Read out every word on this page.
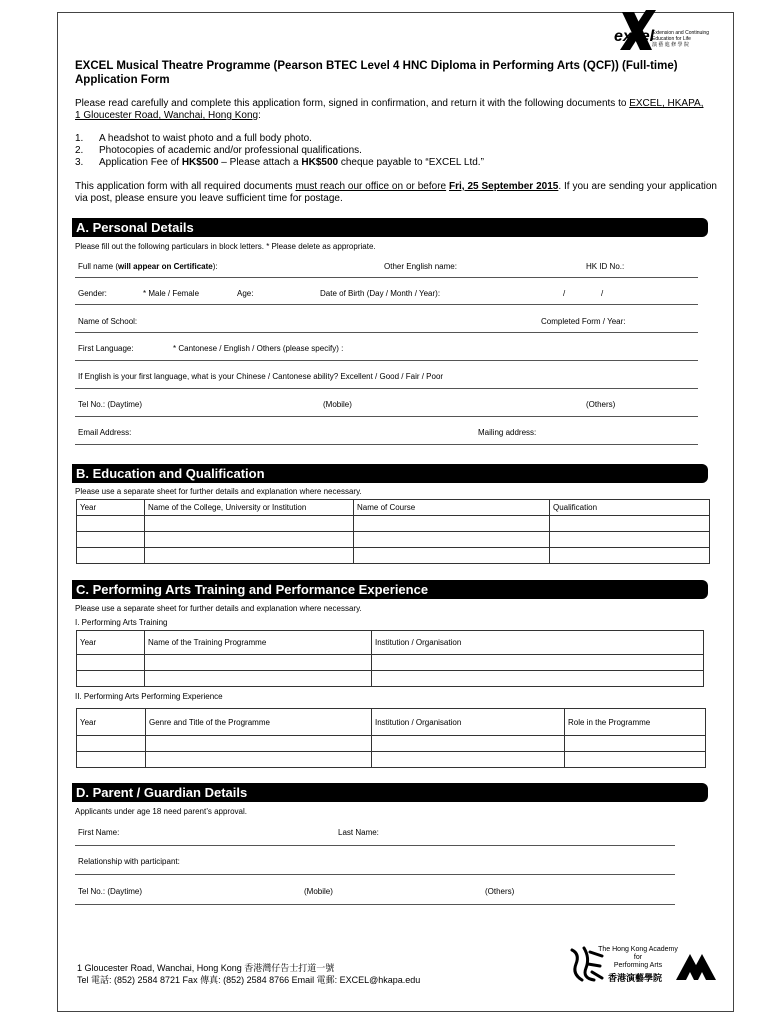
excel
Extension and Continuing
Education for Life
演 藝 進 修 學 院
EXCEL Musical Theatre Programme (Pearson BTEC Level 4 HNC Diploma in Performing Arts (QCF)) (Full-time)
Application Form
Please read carefully and complete this application form, signed in confirmation, and return it with the following documents to EXCEL, HKAPA,
1 Gloucester Road, Wanchai, Hong Kong:
1. A headshot to waist photo and a full body photo.
2. Photocopies of academic and/or professional qualifications.
3. Application Fee of HK$500 – Please attach a HK$500 cheque payable to “EXCEL Ltd.”
This application form with all required documents must reach our office on or before Fri, 25 September 2015. If you are sending your application via post, please ensure you leave sufficient time for postage.
A. Personal Details
Please fill out the following particulars in block letters. * Please delete as appropriate.
Full name (will appear on Certificate):	Other English name:	HK ID No.:
Gender:	* Male / Female	Age:	Date of Birth (Day / Month / Year):	/	/
Name of School:	Completed Form / Year:
First Language:	* Cantonese / English / Others (please specify) :
If English is your first language, what is your Chinese / Cantonese ability? Excellent / Good / Fair / Poor
Tel No.: (Daytime)	(Mobile)	(Others)
Email Address:	Mailing address:
B. Education and Qualification
Please use a separate sheet for further details and explanation where necessary.
Year	Name of the College, University or Institution	Name of Course	Qualification

C. Performing Arts Training and Performance Experience
Please use a separate sheet for further details and explanation where necessary.
I. Performing Arts Training
Year	Name of the Training Programme	Institution / Organisation

II. Performing Arts Performing Experience
Year	Genre and Title of the Programme	Institution / Organisation	Role in the Programme

D. Parent / Guardian Details
Applicants under age 18 need parent’s approval.
First Name:	Last Name:
Relationship with participant:
Tel No.: (Daytime)	(Mobile)	(Others)
1 Gloucester Road, Wanchai, Hong Kong 香港灣仔告士打道一號
Tel 電話: (852) 2584 8721 Fax 傳真: (852) 2584 8766 Email 電郵: EXCEL@hkapa.edu
The Hong Kong Academy
for
Performing Arts
香港演藝學院
